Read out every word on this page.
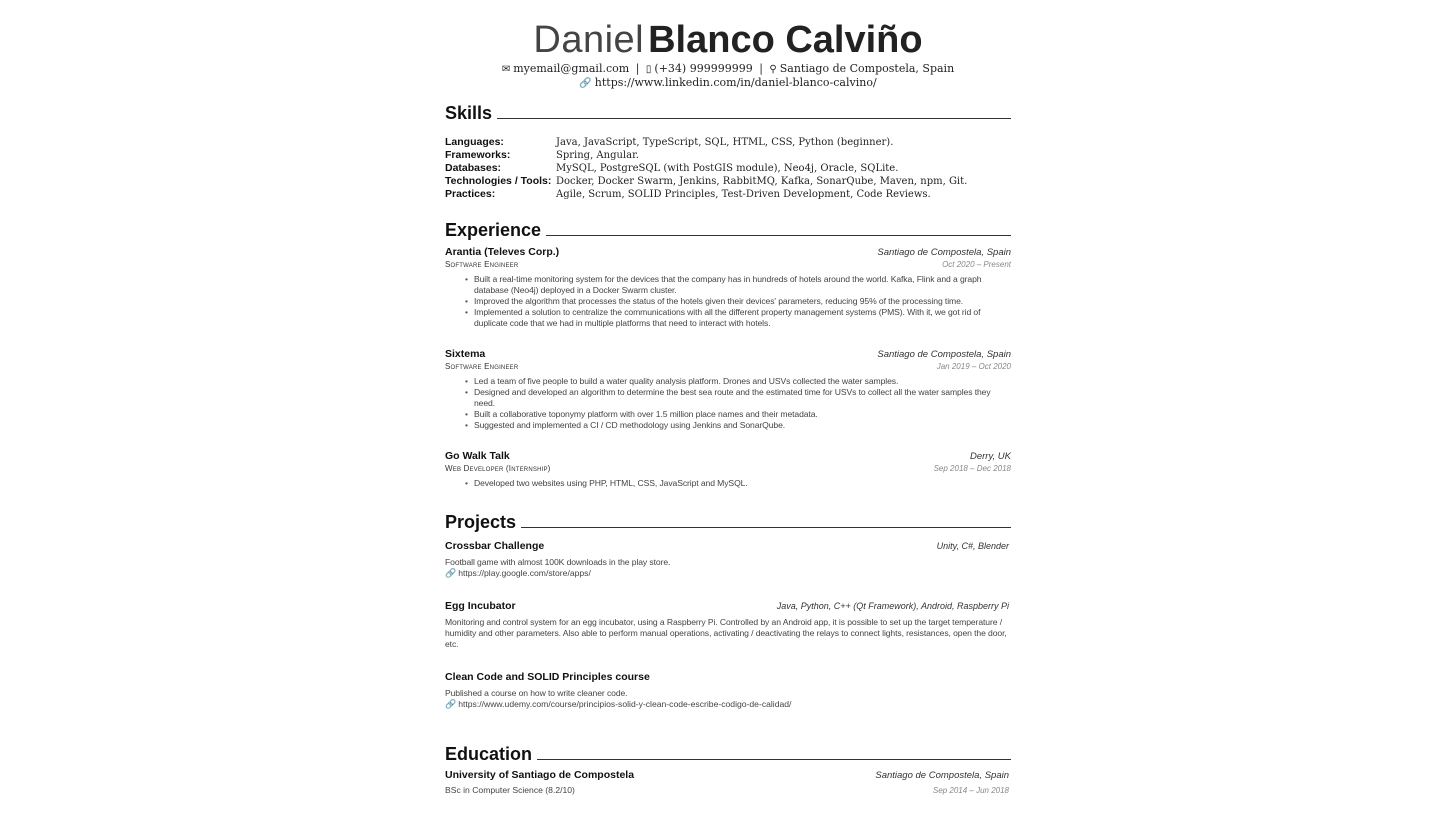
Daniel Blanco Calviño
✉ myemail@gmail.com | ▯ (+34) 999999999 | ⚲ Santiago de Compostela, Spain
🔗 https://www.linkedin.com/in/daniel-blanco-calvino/
Skills
Languages:	Java, JavaScript, TypeScript, SQL, HTML, CSS, Python (beginner).
Frameworks:	Spring, Angular.
Databases:	MySQL, PostgreSQL (with PostGIS module), Neo4j, Oracle, SQLite.
Technologies / Tools: Docker, Docker Swarm, Jenkins, RabbitMQ, Kafka, SonarQube, Maven, npm, Git.
Practices:	Agile, Scrum, SOLID Principles, Test-Driven Development, Code Reviews.
Experience
Arantia (Televes Corp.)	Santiago de Compostela, Spain
Software Engineer	Oct 2020 – Present
• Built a real-time monitoring system for the devices that the company has in hundreds of hotels around the world. Kafka, Flink and a graph database (Neo4j) deployed in a Docker Swarm cluster.
• Improved the algorithm that processes the status of the hotels given their devices' parameters, reducing 95% of the processing time.
• Implemented a solution to centralize the communications with all the different property management systems (PMS). With it, we got rid of duplicate code that we had in multiple platforms that need to interact with hotels.
Sixtema	Santiago de Compostela, Spain
Software Engineer	Jan 2019 – Oct 2020
• Led a team of five people to build a water quality analysis platform. Drones and USVs collected the water samples.
• Designed and developed an algorithm to determine the best sea route and the estimated time for USVs to collect all the water samples they need.
• Built a collaborative toponymy platform with over 1.5 million place names and their metadata.
• Suggested and implemented a CI / CD methodology using Jenkins and SonarQube.
Go Walk Talk	Derry, UK
Web Developer (Internship)	Sep 2018 – Dec 2018
• Developed two websites using PHP, HTML, CSS, JavaScript and MySQL.
Projects
Crossbar Challenge	Unity, C#, Blender
Football game with almost 100K downloads in the play store.
🔗 https://play.google.com/store/apps/
Egg Incubator	Java, Python, C++ (Qt Framework), Android, Raspberry Pi
Monitoring and control system for an egg incubator, using a Raspberry Pi. Controlled by an Android app, it is possible to set up the target temperature / humidity and other parameters. Also able to perform manual operations, activating / deactivating the relays to connect lights, resistances, open the door, etc.
Clean Code and SOLID Principles course
Published a course on how to write cleaner code.
🔗 https://www.udemy.com/course/principios-solid-y-clean-code-escribe-codigo-de-calidad/
Education
University of Santiago de Compostela	Santiago de Compostela, Spain
BSc in Computer Science (8.2/10)	Sep 2014 – Jun 2018
